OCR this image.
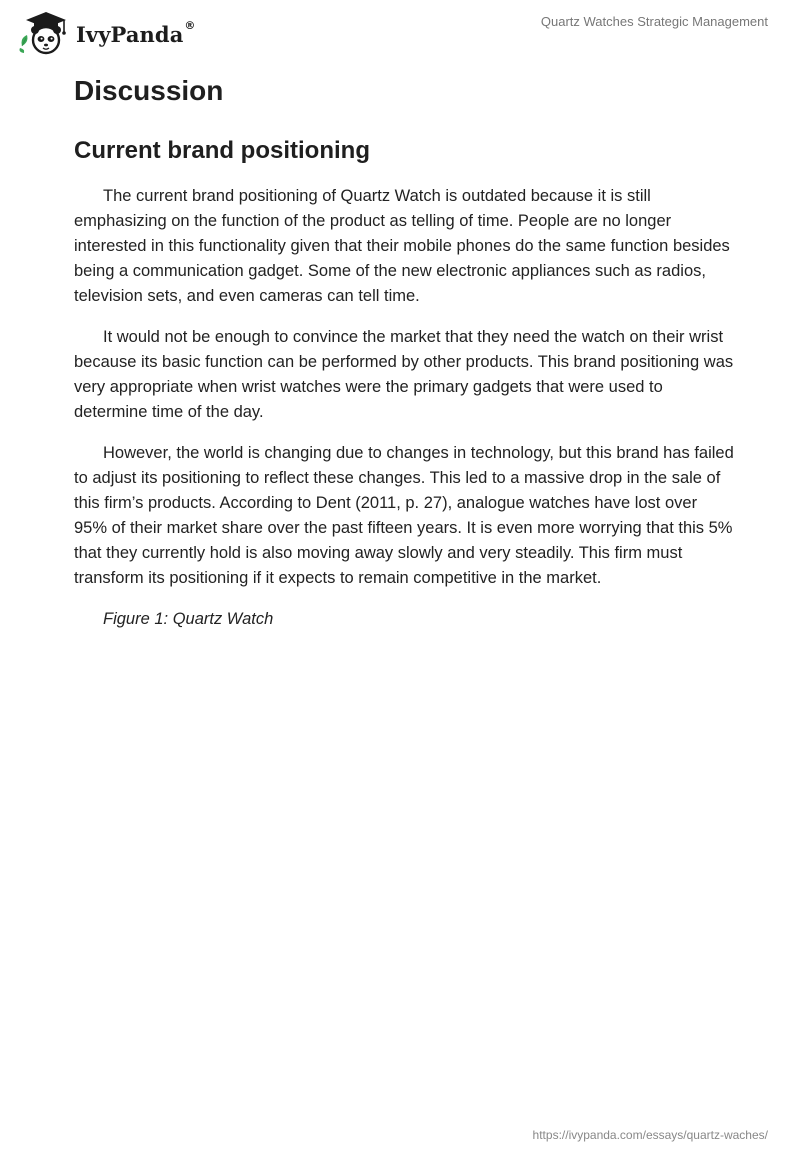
IvyPanda®	Quartz Watches Strategic Management
Discussion
Current brand positioning

The current brand positioning of Quartz Watch is outdated because it is still emphasizing on the function of the product as telling of time. People are no longer interested in this functionality given that their mobile phones do the same function besides being a communication gadget. Some of the new electronic appliances such as radios, television sets, and even cameras can tell time.

It would not be enough to convince the market that they need the watch on their wrist because its basic function can be performed by other products. This brand positioning was very appropriate when wrist watches were the primary gadgets that were used to determine time of the day.

However, the world is changing due to changes in technology, but this brand has failed to adjust its positioning to reflect these changes. This led to a massive drop in the sale of this firm’s products. According to Dent (2011, p. 27), analogue watches have lost over 95% of their market share over the past fifteen years. It is even more worrying that this 5% that they currently hold is also moving away slowly and very steadily. This firm must transform its positioning if it expects to remain competitive in the market.

Figure 1: Quartz Watch

https://ivypanda.com/essays/quartz-waches/
